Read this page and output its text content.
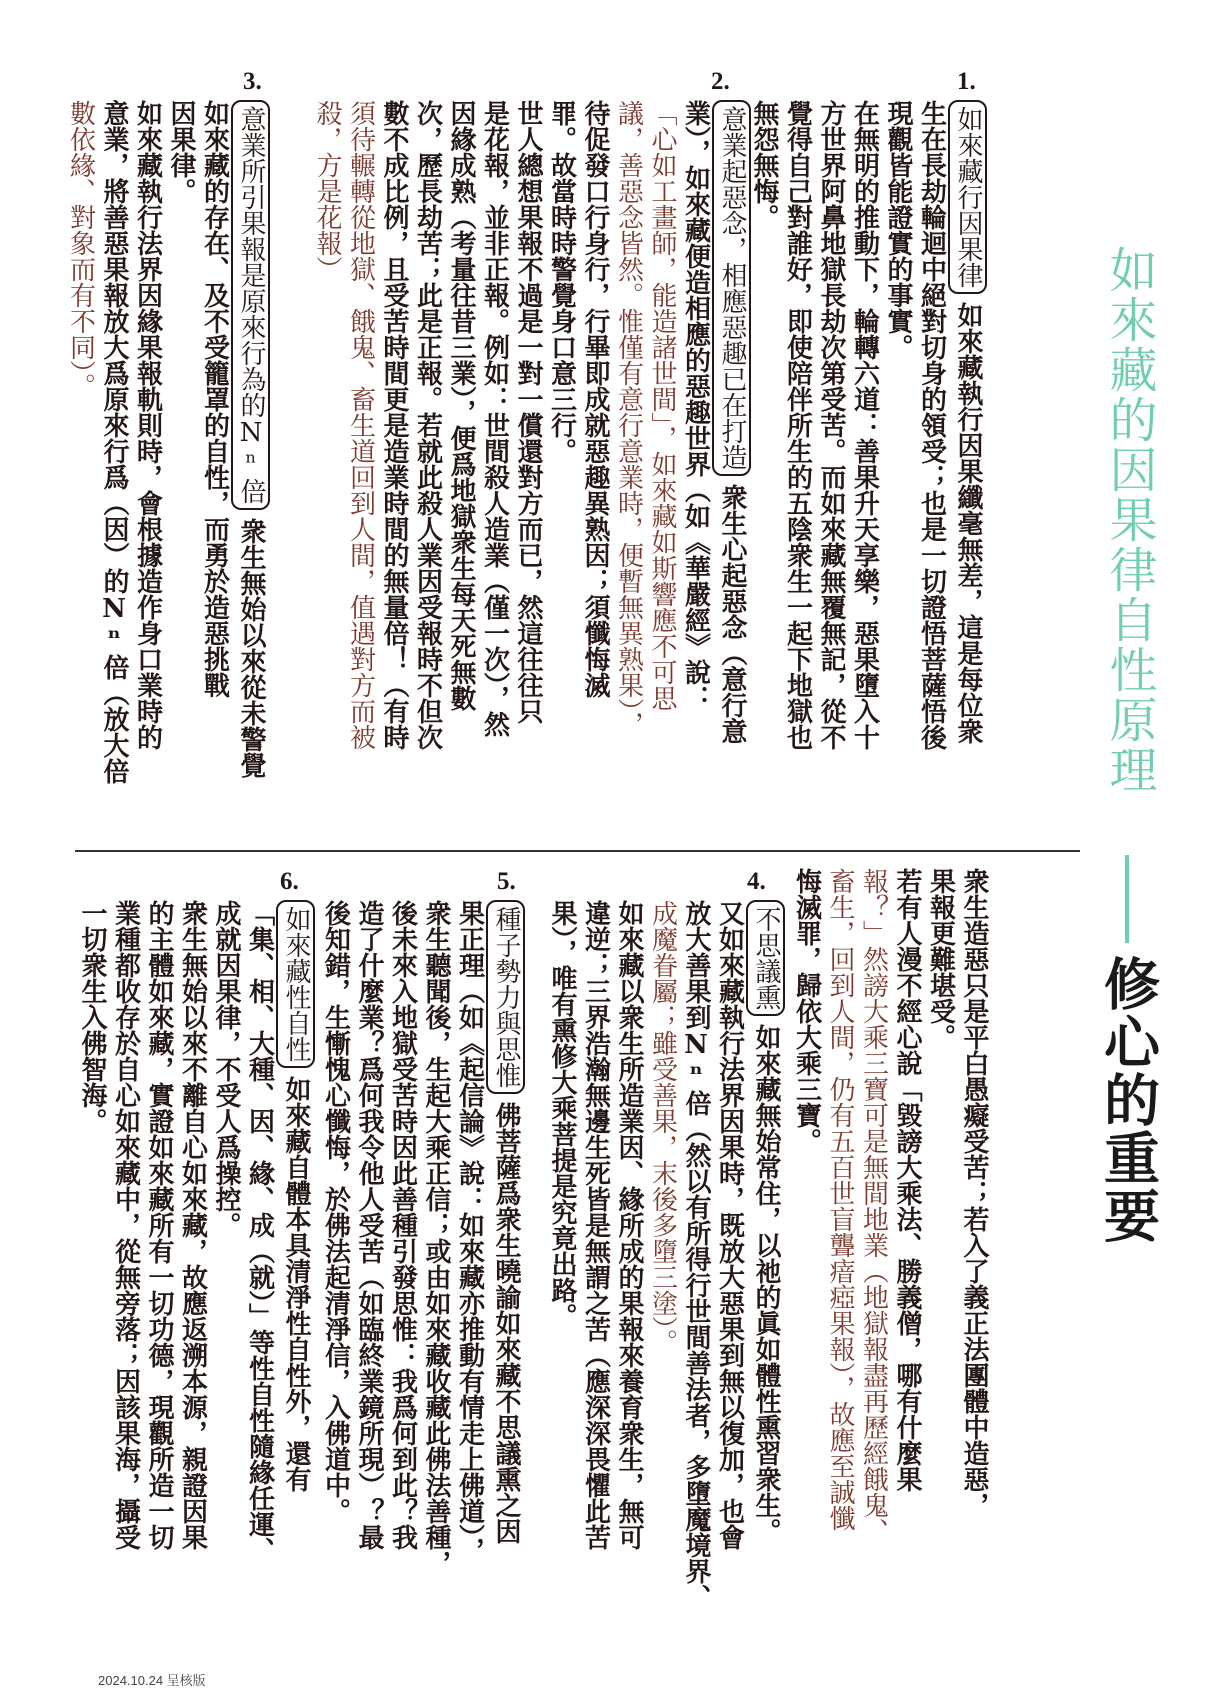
如來藏的因果律自性原理
修心的重要
1.
如來藏行因果律如來藏執行因果纖毫無差，這是每位衆
生在長劫輪迴中絕對切身的領受；也是一切證悟菩薩悟後
現觀皆能證實的事實。
在無明的推動下，輪轉六道：善果升天享樂，惡果墮入十
方世界阿鼻地獄長劫次第受苦。而如來藏無覆無記，從不
覺得自己對誰好，即使陪伴所生的五陰衆生一起下地獄也
無怨無悔。
2.
意業起惡念，相應惡趣已在打造衆生心起惡念（意行意
業），如來藏便造相應的惡趣世界（如《華嚴經》說：
「心如工畫師，能造諸世間」，如來藏如斯響應不可思
議，善惡念皆然。惟僅有意行意業時，便暫無異熟果），
待促發口行身行，行畢即成就惡趣異熟因；須懺悔滅
罪。故當時時警覺身口意三行。
世人總想果報不過是一對一償還對方而已，然這往往只
是花報，並非正報。例如：世間殺人造業（僅一次），然
因緣成熟（考量往昔三業），便爲地獄衆生每天死無數
次，歷長劫苦；此是正報。若就此殺人業因受報時不但次
數不成比例，且受苦時間更是造業時間的無量倍！（有時
須待輾轉從地獄、餓鬼、畜生道回到人間，值遇對方而被
殺，方是花報）
3.
意業所引果報是原來行為的Nⁿ倍衆生無始以來從未警覺
如來藏的存在、及不受籠罩的自性，而勇於造惡挑戰
因果律。
如來藏執行法界因緣果報軌則時，會根據造作身口業時的
意業，將善惡果報放大爲原來行爲（因）的Nⁿ倍（放大倍
數依緣、對象而有不同）。
衆生造惡只是平白愚癡受苦；若入了義正法團體中造惡，
果報更難堪受。
若有人漫不經心說「毀謗大乘法、勝義僧，哪有什麼果
報？」然謗大乘三寶可是無間地業（地獄報盡再歷經餓鬼、
畜生，回到人間，仍有五百世盲聾瘖瘂果報），故應至誠懺
悔滅罪，歸依大乘三寶。
4.
不思議熏如來藏無始常住，以祂的眞如體性熏習衆生。
又如來藏執行法界因果時，既放大惡果到無以復加，也會
放大善果到Nⁿ倍（然以有所得行世間善法者，多墮魔境界、
成魔眷屬；雖受善果，末後多墮三塗）。
如來藏以衆生所造業因、緣所成的果報來養育衆生，無可
違逆；三界浩瀚無邊生死皆是無謂之苦（應深深畏懼此苦
果），唯有熏修大乘菩提是究竟出路。
5.
種子勢力與思惟佛菩薩爲衆生曉諭如來藏不思議熏之因
果正理（如《起信論》說：如來藏亦推動有情走上佛道），
衆生聽聞後，生起大乘正信；或由如來藏收藏此佛法善種，
後未來入地獄受苦時因此善種引發思惟：我爲何到此？我
造了什麼業？爲何我令他人受苦（如臨終業鏡所現）？最
後知錯，生慚愧心懺悔，於佛法起清淨信，入佛道中。
6.
如來藏性自性如來藏自體本具清淨性自性外，還有
「集、相、大種、因、緣、成（就）」等性自性隨緣任運、
成就因果律，不受人爲操控。
衆生無始以來不離自心如來藏，故應返溯本源，親證因果
的主體如來藏，實證如來藏所有一切功德，現觀所造一切
業種都收存於自心如來藏中，從無旁落；因該果海，攝受
一切衆生入佛智海。
2024.10.24 呈核版
